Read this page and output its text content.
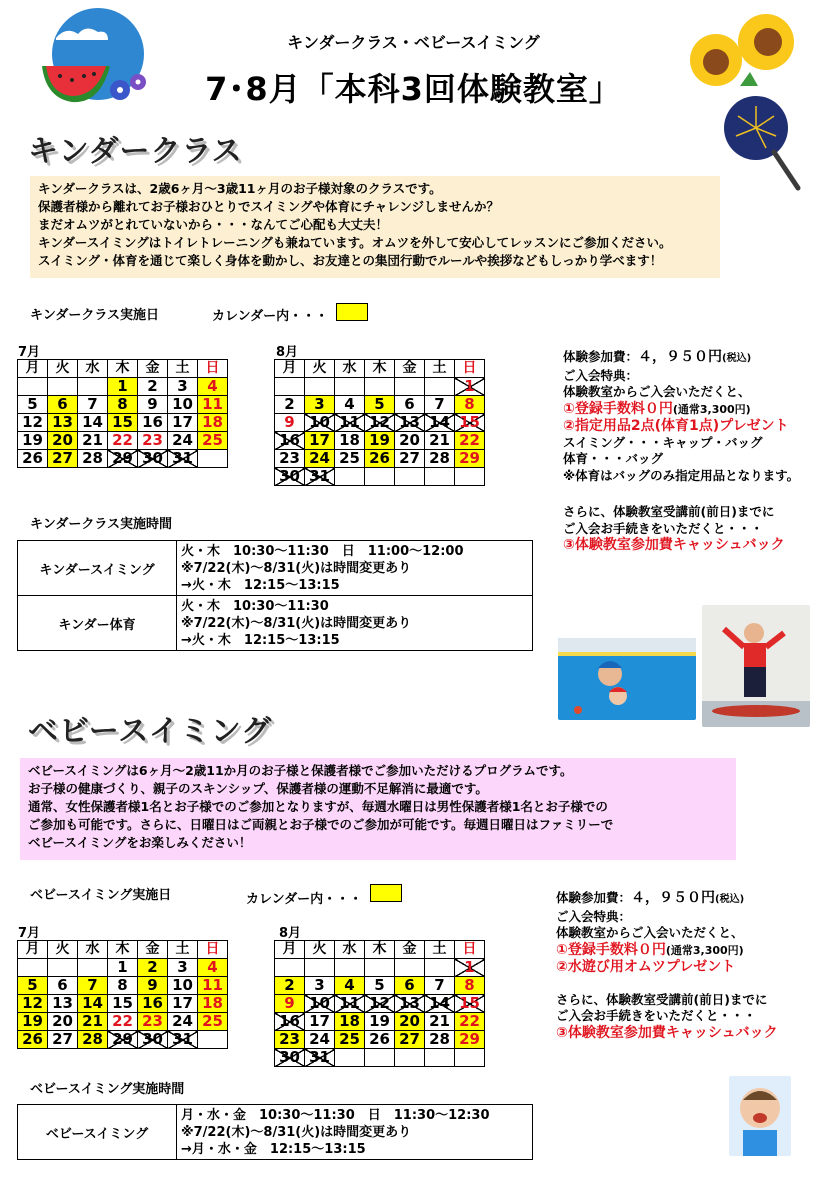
キンダークラス・ベビースイミング
7･8月「本科3回体験教室」
キンダークラス
キンダークラスは、2歳6ヶ月～3歳11ヶ月のお子様対象のクラスです。
保護者様から離れてお子様おひとりでスイミングや体育にチャレンジしませんか？
まだオムツがとれていないから・・・なんてご心配も大丈夫！
キンダースイミングはトイレトレーニングも兼ねています。オムツを外して安心してレッスンにご参加ください。
スイミング・体育を通じて楽しく身体を動かし、お友達との集団行動でルールや挨拶などもしっかり学べます！
キンダークラス実施日	カレンダー内・・・
7月
月	火	水	木	金	土	日
			1	2	3	4
5	6	7	8	9	10	11
12	13	14	15	16	17	18
19	20	21	22	23	24	25
26	27	28	29	30	31	
8月
月	火	水	木	金	土	日
						1
2	3	4	5	6	7	8
9	10	11	12	13	14	15
16	17	18	19	20	21	22
23	24	25	26	27	28	29
30	31					
体験参加費：４，９５０円(税込)
ご入会特典：
体験教室からご入会いただくと、
①登録手数料０円(通常3,300円)
②指定用品2点(体育1点)プレゼント
スイミング・・・キャップ・バッグ
体育・・・バッグ
※体育はバッグのみ指定用品となります。
さらに、体験教室受講前(前日)までに
ご入会お手続きをいただくと・・・
③体験教室参加費キャッシュバック
キンダークラス実施時間
キンダースイミング	火・木　10:30～11:30　日　11:00～12:00
※7/22(木)～8/31(火)は時間変更あり
→火・木　12:15～13:15

キンダー体育	火・木　10:30～11:30
※7/22(木)～8/31(火)は時間変更あり
→火・木　12:15～13:15
ベビースイミング
ベビースイミングは6ヶ月～2歳11か月のお子様と保護者様でご参加いただけるプログラムです。
お子様の健康づくり、親子のスキンシップ、保護者様の運動不足解消に最適です。
通常、女性保護者様1名とお子様でのご参加となりますが、毎週水曜日は男性保護者様1名とお子様での
ご参加も可能です。さらに、日曜日はご両親とお子様でのご参加が可能です。毎週日曜日はファミリーで
ベビースイミングをお楽しみください！
ベビースイミング実施日	カレンダー内・・・
7月
月	火	水	木	金	土	日
			1	2	3	4
5	6	7	8	9	10	11
12	13	14	15	16	17	18
19	20	21	22	23	24	25
26	27	28	29	30	31	
8月
月	火	水	木	金	土	日
						1
2	3	4	5	6	7	8
9	10	11	12	13	14	15
16	17	18	19	20	21	22
23	24	25	26	27	28	29
30	31					
体験参加費：４，９５０円(税込)
ご入会特典：
体験教室からご入会いただくと、
①登録手数料０円(通常3,300円)
②水遊び用オムツプレゼント
さらに、体験教室受講前(前日)までに
ご入会お手続きをいただくと・・・
③体験教室参加費キャッシュバック
ベビースイミング実施時間
ベビースイミング	
月・水・金　10:30～11:30　日　11:30～12:30
※7/22(木)～8/31(火)は時間変更あり
→月・水・金　12:15～13:15
